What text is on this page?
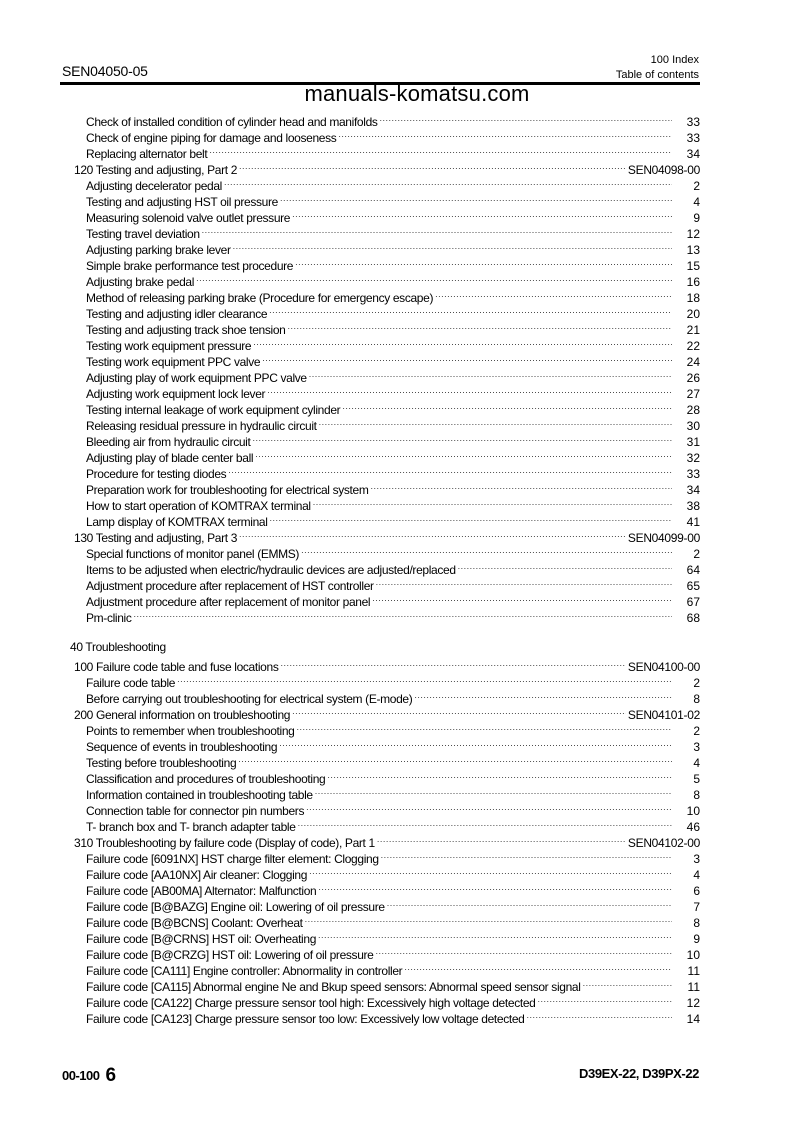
SEN04050-05
100 Index
Table of contents
manuals-komatsu.com
Check of installed condition of cylinder head and manifolds .....	33
Check of engine piping for damage and looseness .....	33
Replacing alternator belt .....	34
120 Testing and adjusting, Part 2 .....	SEN04098-00
Adjusting decelerator pedal .....	2
Testing and adjusting HST oil pressure .....	4
Measuring solenoid valve outlet pressure .....	9
Testing travel deviation .....	12
Adjusting parking brake lever .....	13
Simple brake performance test procedure .....	15
Adjusting brake pedal .....	16
Method of releasing parking brake (Procedure for emergency escape) .....	18
Testing and adjusting idler clearance .....	20
Testing and adjusting track shoe tension .....	21
Testing work equipment pressure .....	22
Testing work equipment PPC valve .....	24
Adjusting play of work equipment PPC valve .....	26
Adjusting work equipment lock lever .....	27
Testing internal leakage of work equipment cylinder .....	28
Releasing residual pressure in hydraulic circuit .....	30
Bleeding air from hydraulic circuit .....	31
Adjusting play of blade center ball .....	32
Procedure for testing diodes .....	33
Preparation work for troubleshooting for electrical system .....	34
How to start operation of KOMTRAX terminal .....	38
Lamp display of KOMTRAX terminal .....	41
130 Testing and adjusting, Part 3 .....	SEN04099-00
Special functions of monitor panel (EMMS) .....	2
Items to be adjusted when electric/hydraulic devices are adjusted/replaced .....	64
Adjustment procedure after replacement of HST controller .....	65
Adjustment procedure after replacement of monitor panel .....	67
Pm-clinic .....	68
40 Troubleshooting
100 Failure code table and fuse locations .....	SEN04100-00
Failure code table .....	2
Before carrying out troubleshooting for electrical system (E-mode) .....	8
200 General information on troubleshooting .....	SEN04101-02
Points to remember when troubleshooting .....	2
Sequence of events in troubleshooting .....	3
Testing before troubleshooting .....	4
Classification and procedures of troubleshooting .....	5
Information contained in troubleshooting table .....	8
Connection table for connector pin numbers .....	10
T- branch box and T- branch adapter table .....	46
310 Troubleshooting by failure code (Display of code), Part 1 .....	SEN04102-00
Failure code [6091NX] HST charge filter element: Clogging .....	3
Failure code [AA10NX] Air cleaner: Clogging .....	4
Failure code [AB00MA] Alternator: Malfunction .....	6
Failure code [B@BAZG] Engine oil: Lowering of oil pressure .....	7
Failure code [B@BCNS] Coolant: Overheat .....	8
Failure code [B@CRNS] HST oil: Overheating .....	9
Failure code [B@CRZG] HST oil: Lowering of oil pressure .....	10
Failure code [CA111] Engine controller: Abnormality in controller .....	11
Failure code [CA115] Abnormal engine Ne and Bkup speed sensors: Abnormal speed sensor signal .....	11
Failure code [CA122] Charge pressure sensor tool high: Excessively high voltage detected .....	12
Failure code [CA123] Charge pressure sensor too low: Excessively low voltage detected .....	14
00-100 6	D39EX-22, D39PX-22
